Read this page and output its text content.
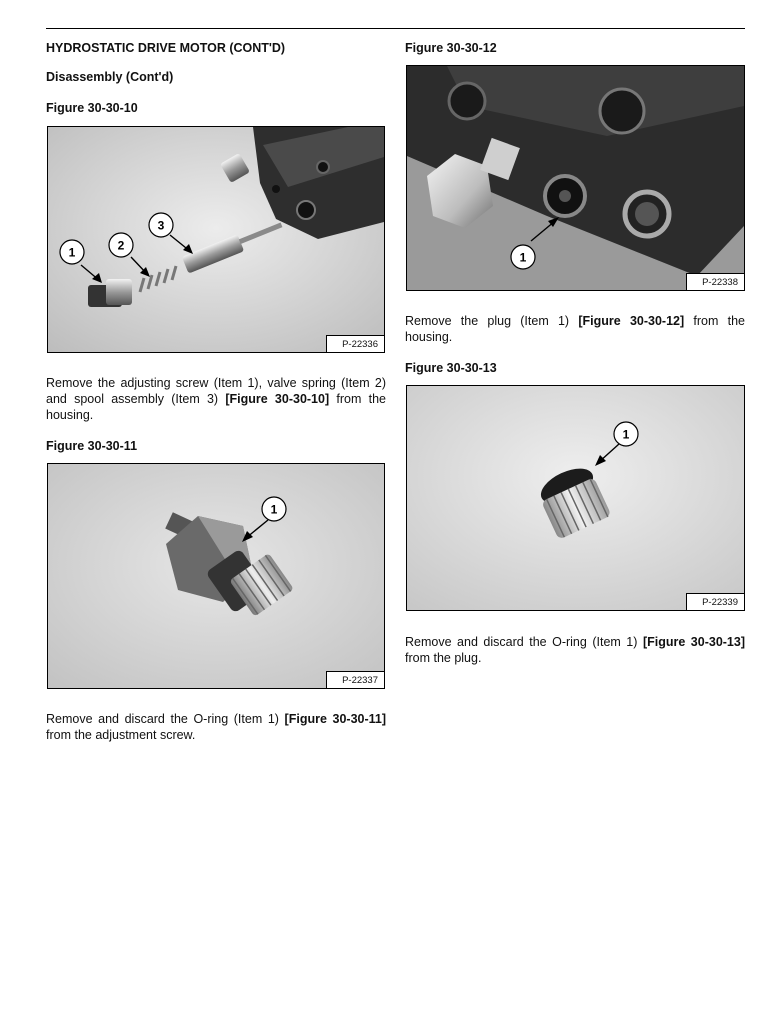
HYDROSTATIC DRIVE MOTOR (CONT'D)
Disassembly (Cont'd)
Figure 30-30-10
1	2
3
P-22336
Remove the adjusting screw (Item 1), valve spring (Item 2) and spool assembly (Item 3) [Figure 30-30-10] from the housing.
Figure 30-30-11
1
P-22337
Remove and discard the O-ring (Item 1) [Figure 30-30-11] from the adjustment screw.
Figure 30-30-12
1
P-22338
Remove the plug (Item 1) [Figure 30-30-12] from the housing.
Figure 30-30-13
1
P-22339
Remove and discard the O-ring (Item 1) [Figure 30-30-13] from the plug.
